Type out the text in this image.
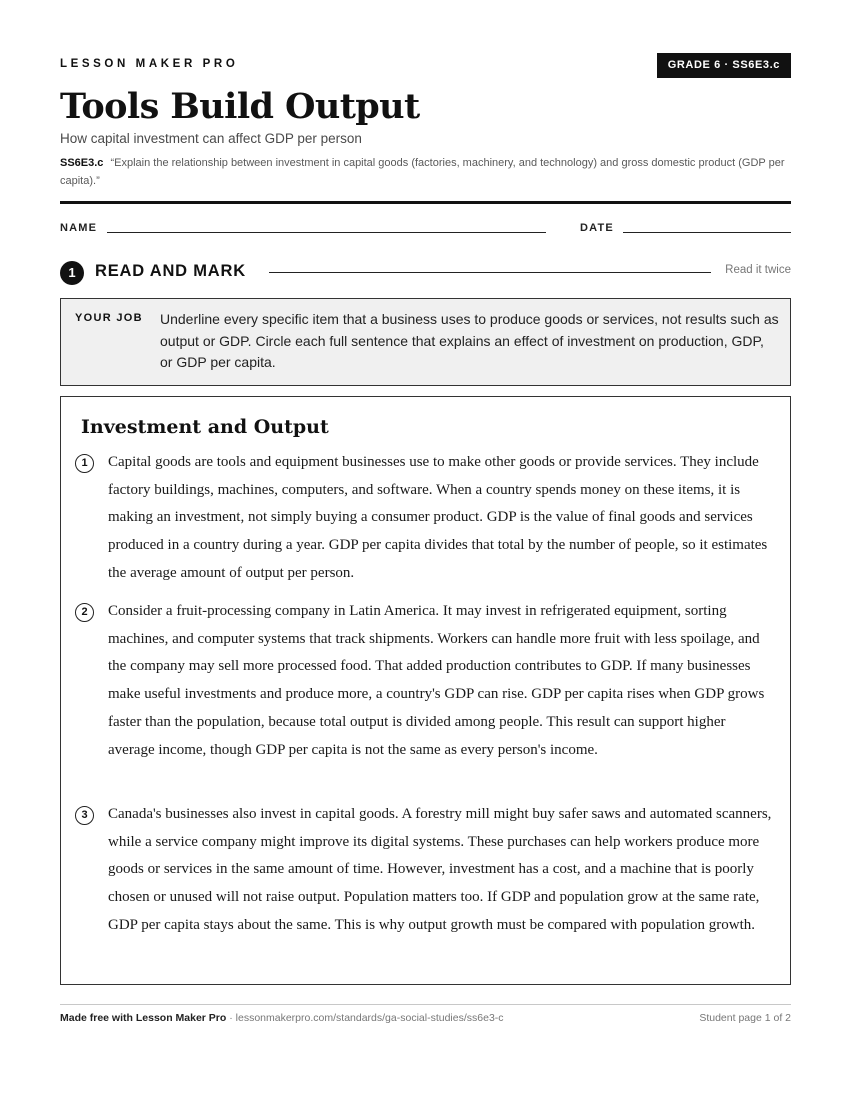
LESSON MAKER PRO	GRADE 6 · SS6E3.c
Tools Build Output
How capital investment can affect GDP per person
SS6E3.c “Explain the relationship between investment in capital goods (factories, machinery, and technology) and gross domestic product (GDP per capita).”
NAME	DATE
1	READ AND MARK	Read it twice
YOUR JOB Underline every specific item that a business uses to produce goods or services, not results such as output or GDP. Circle each full sentence that explains an effect of investment on production, GDP, or GDP per capita.
Investment and Output
1	Capital goods are tools and equipment businesses use to make other goods or provide services. They include factory buildings, machines, computers, and software. When a country spends money on these items, it is making an investment, not simply buying a consumer product. GDP is the value of final goods and services produced in a country during a year. GDP per capita divides that total by the number of people, so it estimates the average amount of output per person.
2	Consider a fruit-processing company in Latin America. It may invest in refrigerated equipment, sorting machines, and computer systems that track shipments. Workers can handle more fruit with less spoilage, and the company may sell more processed food. That added production contributes to GDP. If many businesses make useful investments and produce more, a country's GDP can rise. GDP per capita rises when GDP grows faster than the population, because total output is divided among people. This result can support higher average income, though GDP per capita is not the same as every person's income.
3	Canada's businesses also invest in capital goods. A forestry mill might buy safer saws and automated scanners, while a service company might improve its digital systems. These purchases can help workers produce more goods or services in the same amount of time. However, investment has a cost, and a machine that is poorly chosen or unused will not raise output. Population matters too. If GDP and population grow at the same rate, GDP per capita stays about the same. This is why output growth must be compared with population growth.
Made free with Lesson Maker Pro · lessonmakerpro.com/standards/ga-social-studies/ss6e3-c	Student page 1 of 2
